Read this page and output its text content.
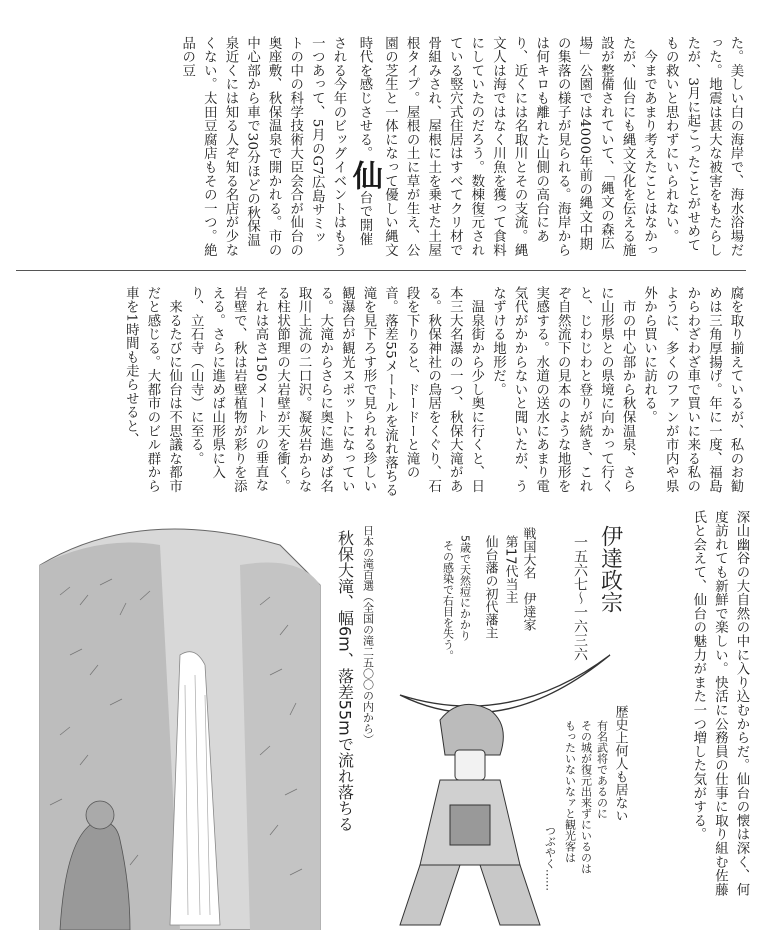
た。美しい白の海岸で、海水浴場だった。地震は甚大な被害をもたらしたが、3月に起こったことがせめてもの救いと思わずにいられない。
　今まであまり考えたことはなかったが、仙台にも縄文文化を伝える施設が整備されていて、「縄文の森広場」公園では4000年前の縄文中期の集落の様子が見られる。海岸からは何キロも離れた山側の高台にあり、近くには名取川とその支流。縄文人は海ではなく川魚を獲って食料にしていたのだろう。数棟復元されている竪穴式住居はすべてクリ材で骨組みされ、屋根に土を乗せた土屋根タイプ。屋根の土に草が生え、公園の芝生と一体になって優しい縄文時代を感じさせる。仙台で開催される今年のビッグイベントはもう一つあって、5月のG7広島サミットの中の科学技術大臣会合が仙台の奥座敷、秋保温泉で開かれる。市の中心部から車で30分ほどの秋保温泉近くには知る人ぞ知る名店が少なくない。太田豆腐店もその一つ。絶品の豆
腐を取り揃えているが、私のお勧めは三角厚揚げ。年に一度、福島からわざわざ車で買いに来る私のように、多くのファンが市内や県外から買いに訪れる。
　市の中心部から秋保温泉、さらに山形県との県境に向かって行くと、じわじわと登りが続き、これぞ自然流下の見本のような地形を実感する。水道の送水にあまり電気代がかからないと聞いたが、うなずける地形だ。
　温泉街から少し奥に行くと、日本三大名瀑の一つ、秋保大滝がある。秋保神社の鳥居をくぐり、石段を下りると、ドードーと滝の音。落差55メートルを流れ落ちる滝を見下ろす形で見られる珍しい観瀑台が観光スポットになっている。大滝からさらに奥に進めば名取川上流の二口沢。凝灰岩からなる柱状節理の大岩壁が天を衝く。それは高さ150メートルの垂直な岩壁で、秋は岩壁植物が彩りを添える。さらに進めば山形県に入り、立石寺（山寺）に至る。
　来るたびに仙台は不思議な都市だと感じる。大都市のビル群から車を1時間も走らせると、
深山幽谷の大自然の中に入り込むからだ。仙台の懐は深く、何度訪れても新鮮で楽しい。快活に公務員の仕事に取り組む佐藤氏と会えて、仙台の魅力がまた一つ増した気がする。
日本の滝百選（全国の滝二五〇〇の内から）
秋保大滝、幅6m、落差55mで流れ落ちる	伊達政宗
一五六七〜一六三六
戦国大名　伊達家
第17代当主
仙台藩の初代藩主
5歳で天然痘にかかり
その感染で右目を失う。
歴史上何人も居ない
有名武将であるのに
その城が復元出来ずにいるのは
もったいないなァと観光客は
つぶやく……
